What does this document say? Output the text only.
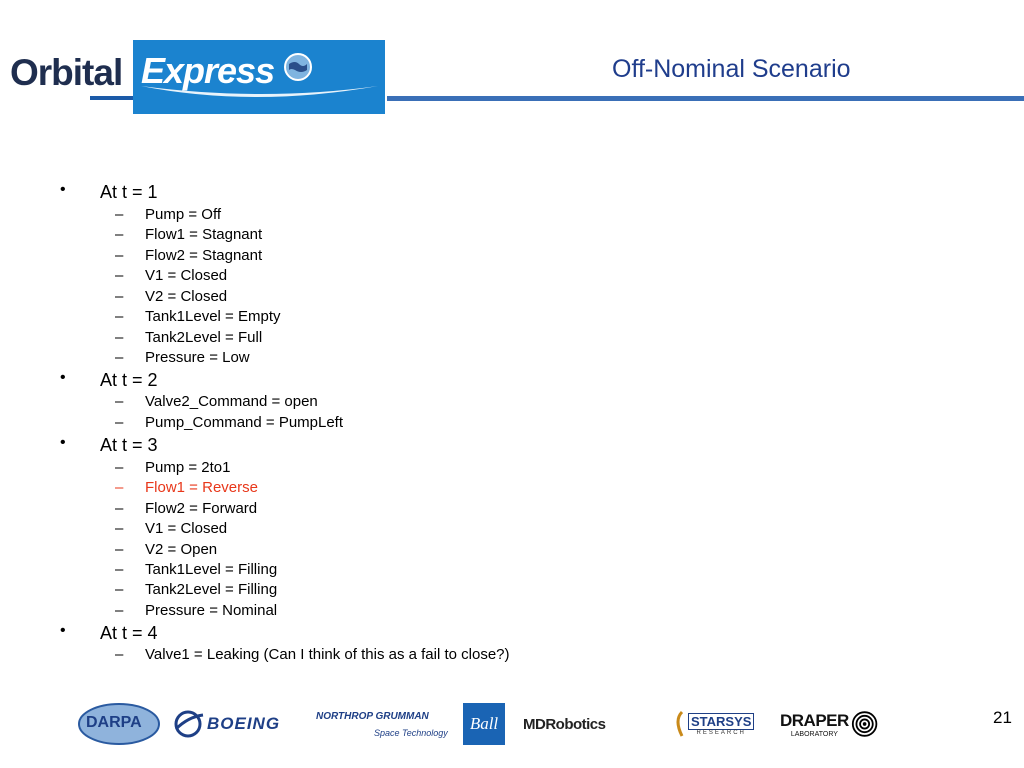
Orbital Express	Off-Nominal Scenario
• At t = 1
– Pump = Off
– Flow1 = Stagnant
– Flow2 = Stagnant
– V1 = Closed
– V2 = Closed
– Tank1Level = Empty
– Tank2Level = Full
– Pressure = Low
• At t = 2
– Valve2_Command = open
– Pump_Command = PumpLeft
• At t = 3
– Pump = 2to1
– Flow1 = Reverse
– Flow2 = Forward
– V1 = Closed
– V2 = Open
– Tank1Level = Filling
– Tank2Level = Filling
– Pressure = Nominal
• At t = 4
– Valve1 = Leaking (Can I think of this as a fail to close?)
DARPA	BOEING	NORTHROP GRUMMAN
Space Technology Ball MDRobotics	STARSYS
RESEARCH
DRAPER
LABORATORY
21
